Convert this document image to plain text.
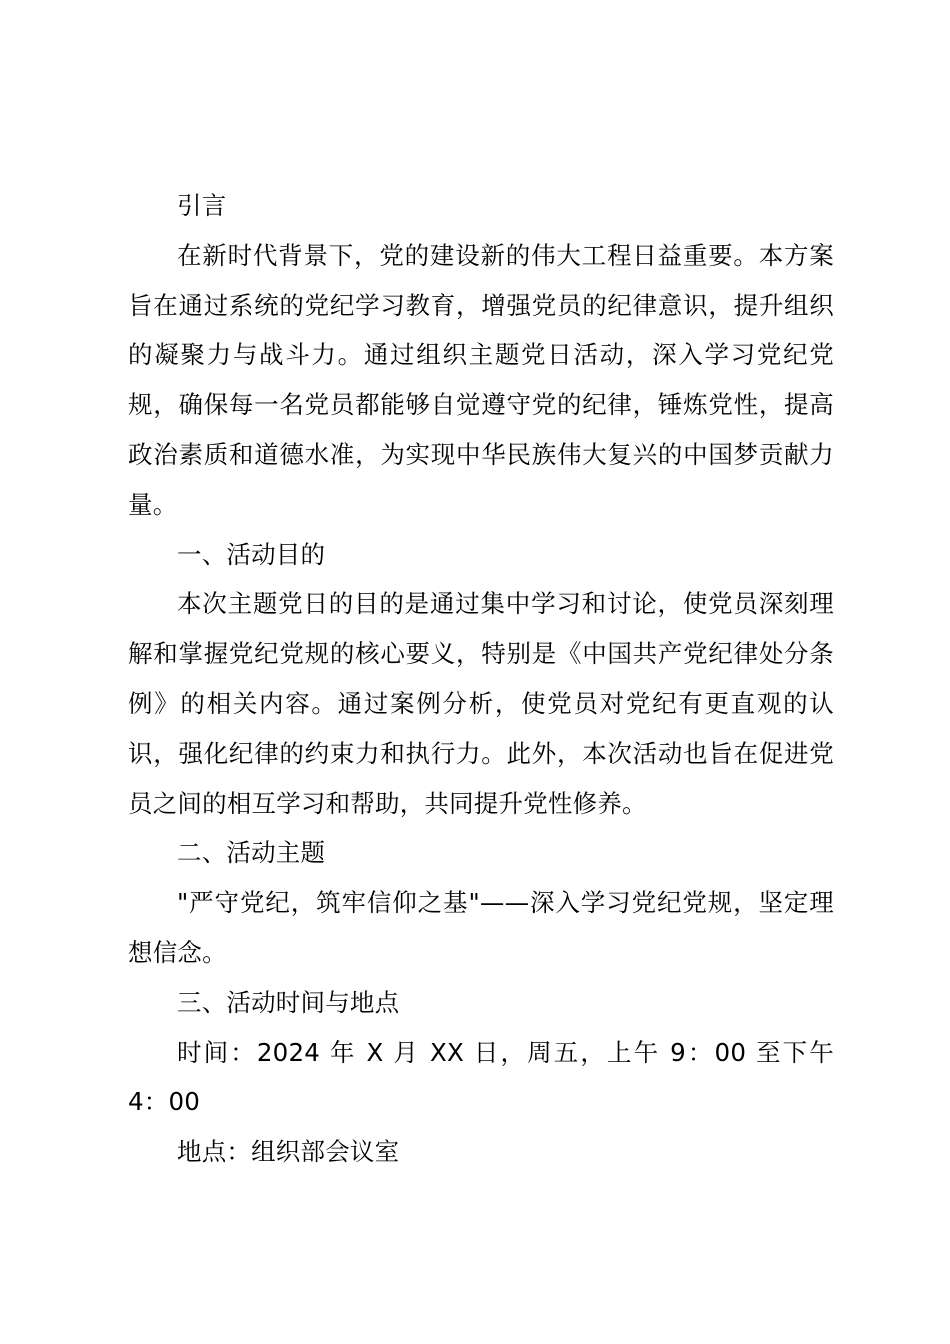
引言

在新时代背景下，党的建设新的伟大工程日益重要。本方案旨在通过系统的党纪学习教育，增强党员的纪律意识，提升组织的凝聚力与战斗力。通过组织主题党日活动，深入学习党纪党规，确保每一名党员都能够自觉遵守党的纪律，锤炼党性，提高政治素质和道德水准，为实现中华民族伟大复兴的中国梦贡献力量。

一、活动目的

本次主题党日的目的是通过集中学习和讨论，使党员深刻理解和掌握党纪党规的核心要义，特别是《中国共产党纪律处分条例》的相关内容。通过案例分析，使党员对党纪有更直观的认识，强化纪律的约束力和执行力。此外，本次活动也旨在促进党员之间的相互学习和帮助，共同提升党性修养。

二、活动主题

"严守党纪，筑牢信仰之基"——深入学习党纪党规，坚定理想信念。

三、活动时间与地点

时间：2024 年 X 月 XX 日，周五，上午 9：00 至下午 4：00

地点：组织部会议室
